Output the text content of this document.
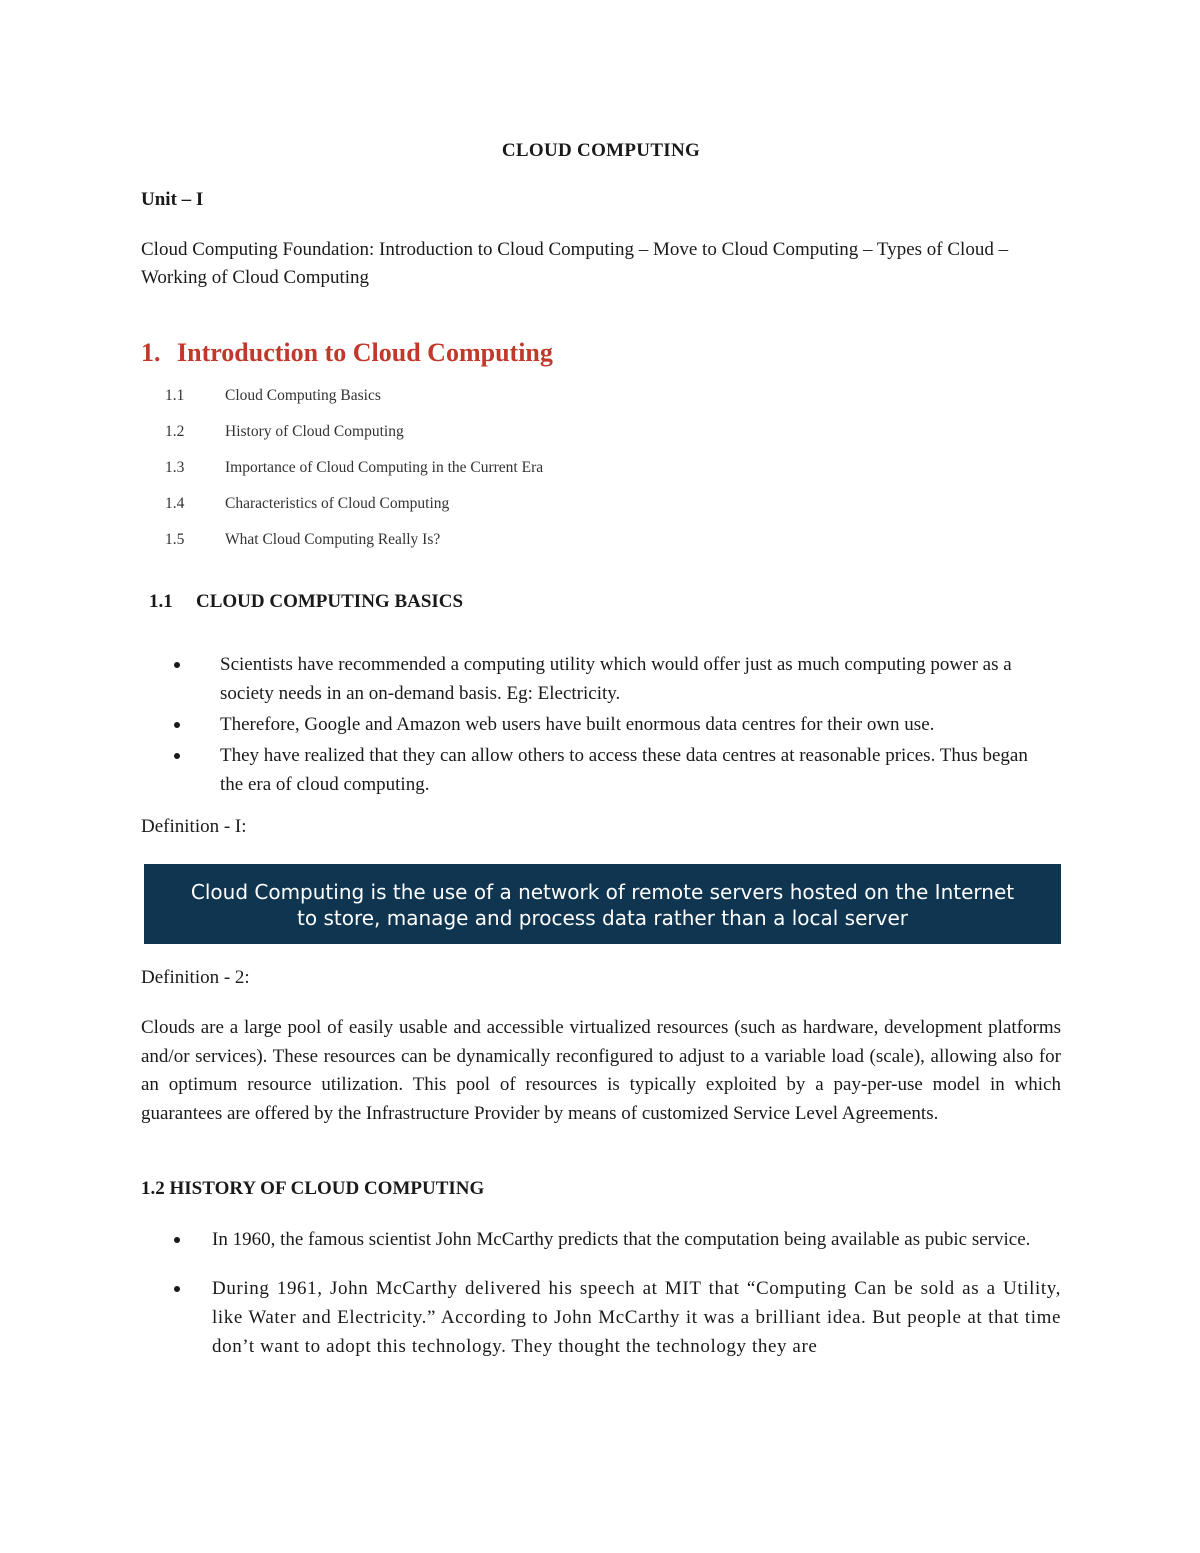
CLOUD COMPUTING
Unit – I
Cloud Computing Foundation: Introduction to Cloud Computing – Move to Cloud Computing – Types of Cloud – Working of Cloud Computing
1. Introduction to Cloud Computing
1.1	Cloud Computing Basics
1.2	History of Cloud Computing
1.3	Importance of Cloud Computing in the Current Era
1.4	Characteristics of Cloud Computing
1.5	What Cloud Computing Really Is?
1.1 CLOUD COMPUTING BASICS
Scientists have recommended a computing utility which would offer just as much computing power as a society needs in an on-demand basis. Eg: Electricity.
Therefore, Google and Amazon web users have built enormous data centres for their own use.
They have realized that they can allow others to access these data centres at reasonable prices. Thus began the era of cloud computing.
Definition - I:
Cloud Computing is the use of a network of remote servers hosted on the Internet
to store, manage and process data rather than a local server
Definition - 2:
Clouds are a large pool of easily usable and accessible virtualized resources (such as hardware, development platforms and/or services). These resources can be dynamically reconfigured to adjust to a variable load (scale), allowing also for an optimum resource utilization. This pool of resources is typically exploited by a pay-per-use model in which guarantees are offered by the Infrastructure Provider by means of customized Service Level Agreements.
1.2 HISTORY OF CLOUD COMPUTING
In 1960, the famous scientist John McCarthy predicts that the computation being available as pubic service.
During 1961, John McCarthy delivered his speech at MIT that “Computing Can be sold as a Utility, like Water and Electricity.” According to John McCarthy it was a brilliant idea. But people at that time don’t want to adopt this technology. They thought the technology they are
